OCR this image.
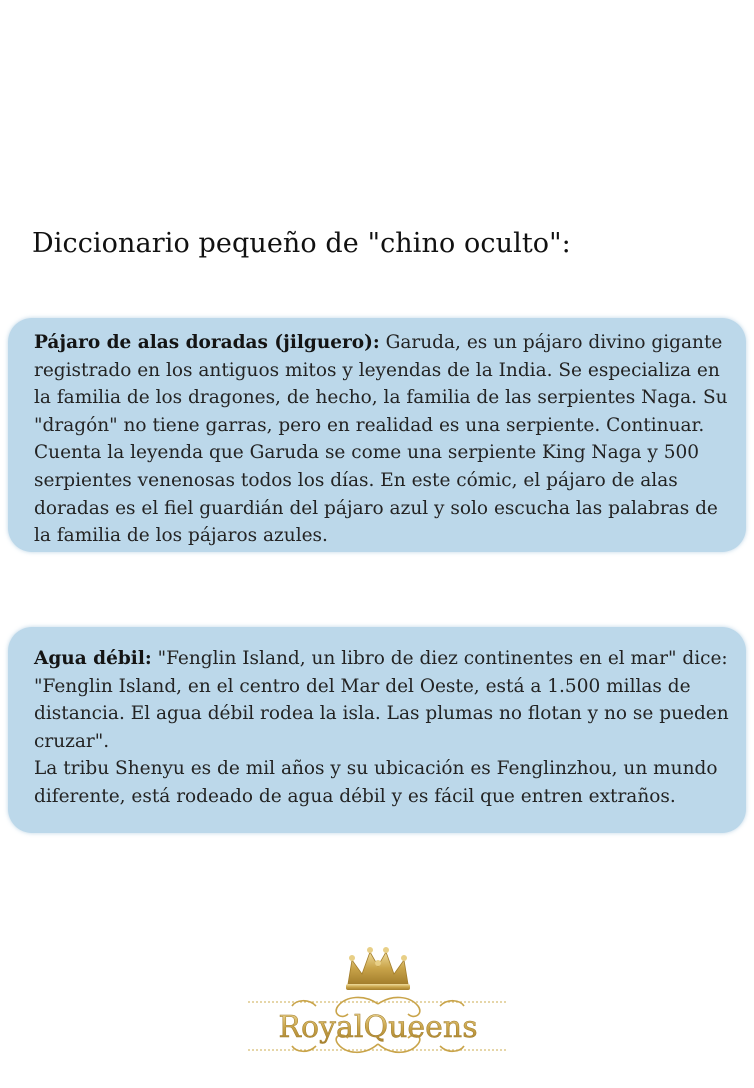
Diccionario pequeño de "chino oculto":

Pájaro de alas doradas (jilguero): Garuda, es un pájaro divino gigante registrado en los antiguos mitos y leyendas de la India. Se especializa en la familia de los dragones, de hecho, la familia de las serpientes Naga. Su "dragón" no tiene garras, pero en realidad es una serpiente. Continuar. Cuenta la leyenda que Garuda se come una serpiente King Naga y 500 serpientes venenosas todos los días. En este cómic, el pájaro de alas doradas es el fiel guardián del pájaro azul y solo escucha las palabras de la familia de los pájaros azules.

Agua débil: "Fenglin Island, un libro de diez continentes en el mar" dice: "Fenglin Island, en el centro del Mar del Oeste, está a 1.500 millas de distancia. El agua débil rodea la isla. Las plumas no flotan y no se pueden cruzar".
La tribu Shenyu es de mil años y su ubicación es Fenglinzhou, un mundo diferente, está rodeado de agua débil y es fácil que entren extraños.

RoyalQueens
